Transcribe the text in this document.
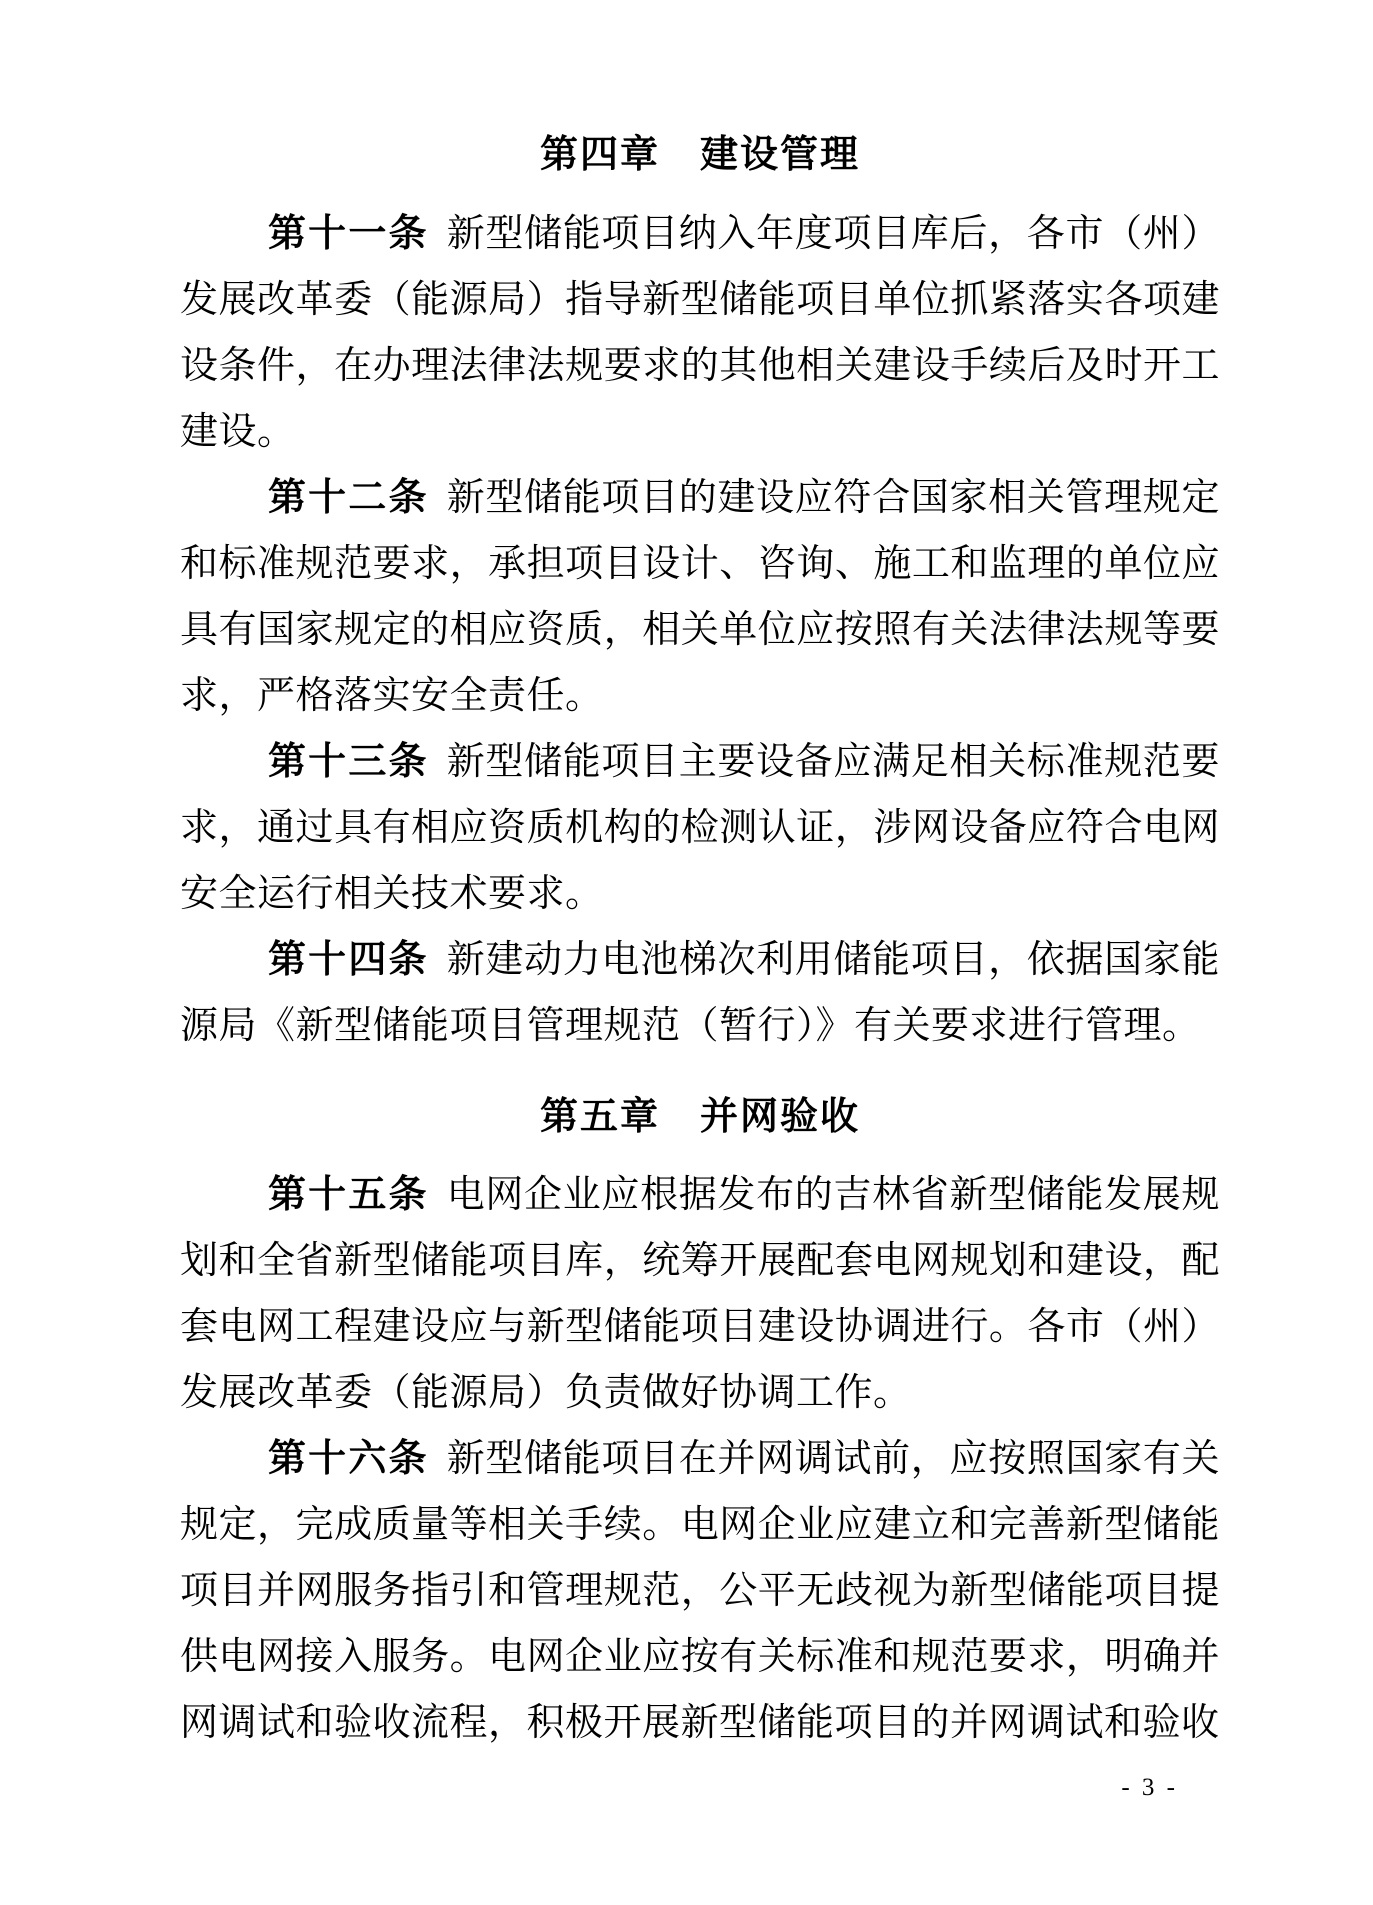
第四章　建设管理

第十一条 新型储能项目纳入年度项目库后，各市（州）发展改革委（能源局）指导新型储能项目单位抓紧落实各项建设条件，在办理法律法规要求的其他相关建设手续后及时开工建设。

第十二条 新型储能项目的建设应符合国家相关管理规定和标准规范要求，承担项目设计、咨询、施工和监理的单位应具有国家规定的相应资质，相关单位应按照有关法律法规等要求，严格落实安全责任。

第十三条 新型储能项目主要设备应满足相关标准规范要求，通过具有相应资质机构的检测认证，涉网设备应符合电网安全运行相关技术要求。

第十四条 新建动力电池梯次利用储能项目，依据国家能源局《新型储能项目管理规范（暂行）》有关要求进行管理。

第五章　并网验收

第十五条 电网企业应根据发布的吉林省新型储能发展规划和全省新型储能项目库，统筹开展配套电网规划和建设，配套电网工程建设应与新型储能项目建设协调进行。各市（州）发展改革委（能源局）负责做好协调工作。

第十六条 新型储能项目在并网调试前，应按照国家有关规定，完成质量等相关手续。电网企业应建立和完善新型储能项目并网服务指引和管理规范，公平无歧视为新型储能项目提供电网接入服务。电网企业应按有关标准和规范要求，明确并网调试和验收流程，积极开展新型储能项目的并网调试和验收

- 3 -
